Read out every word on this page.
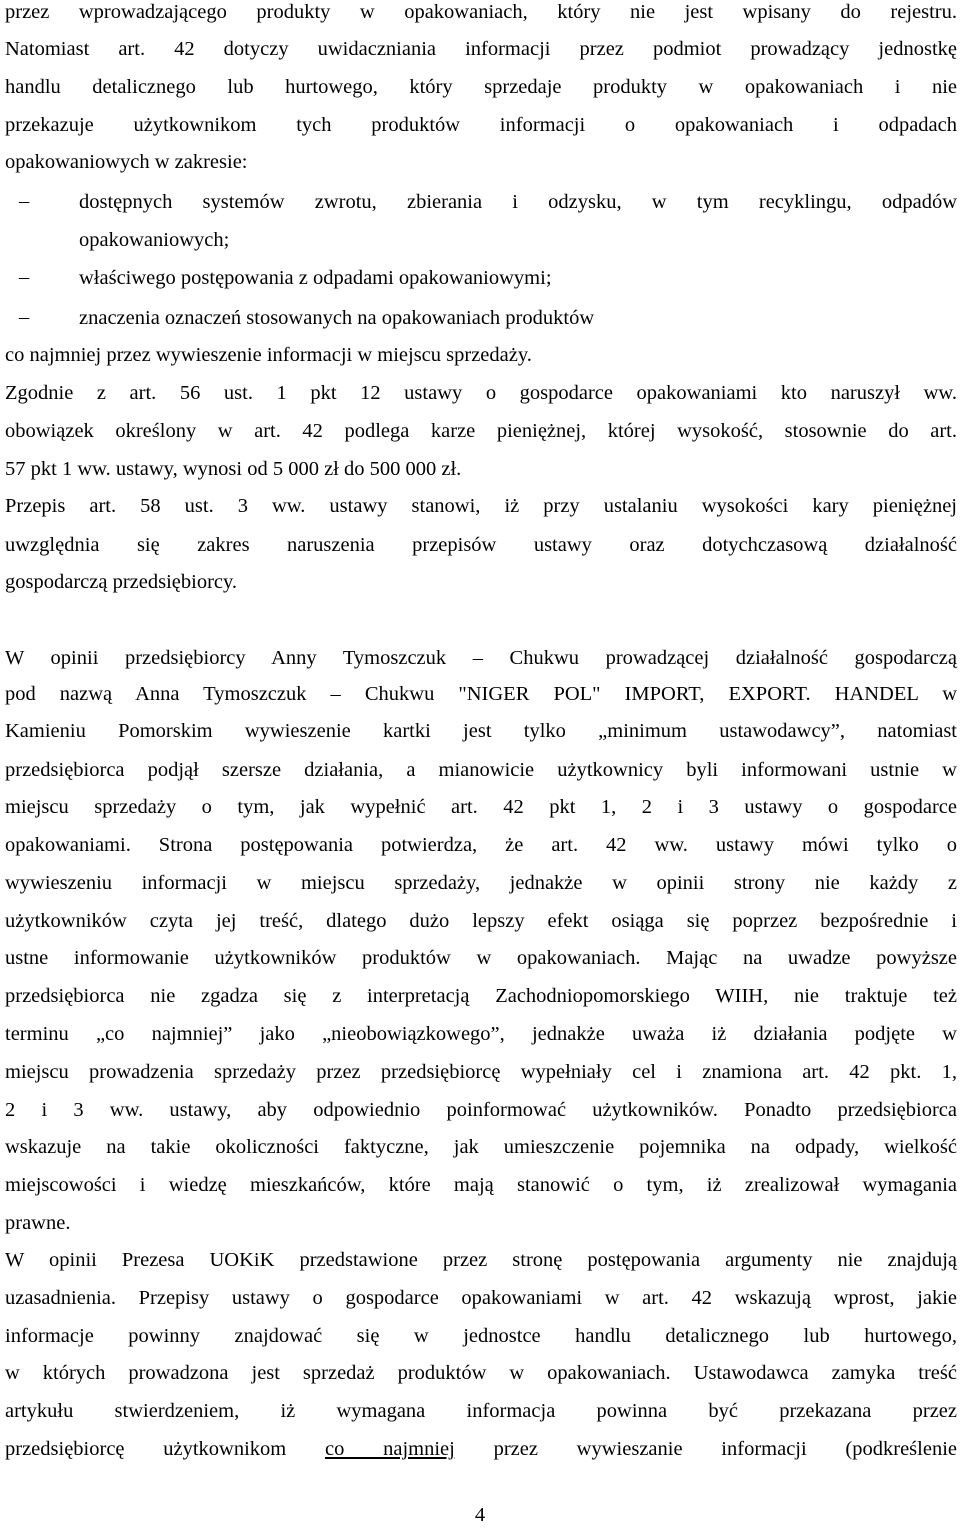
przez wprowadzającego produkty w opakowaniach, który nie jest wpisany do rejestru.
Natomiast art. 42 dotyczy uwidaczniania informacji przez podmiot prowadzący jednostkę
handlu detalicznego lub hurtowego, który sprzedaje produkty w opakowaniach i nie
przekazuje użytkownikom tych produktów informacji o opakowaniach i odpadach
opakowaniowych w zakresie:
–	dostępnych systemów zwrotu, zbierania i odzysku, w tym recyklingu, odpadów
opakowaniowych;
–	właściwego postępowania z odpadami opakowaniowymi;
–	znaczenia oznaczeń stosowanych na opakowaniach produktów
co najmniej przez wywieszenie informacji w miejscu sprzedaży.
Zgodnie z art. 56 ust. 1 pkt 12 ustawy o gospodarce opakowaniami kto naruszył ww.
obowiązek określony w art. 42 podlega karze pieniężnej, której wysokość, stosownie do art.
57 pkt 1 ww. ustawy, wynosi od 5 000 zł do 500 000 zł.
Przepis art. 58 ust. 3 ww. ustawy stanowi, iż przy ustalaniu wysokości kary pieniężnej
uwzględnia się zakres naruszenia przepisów ustawy oraz dotychczasową działalność
gospodarczą przedsiębiorcy.
W opinii przedsiębiorcy Anny Tymoszczuk – Chukwu prowadzącej działalność gospodarczą
pod nazwą Anna Tymoszczuk – Chukwu "NIGER POL" IMPORT, EXPORT. HANDEL w
Kamieniu Pomorskim wywieszenie kartki jest tylko „minimum ustawodawcy”, natomiast
przedsiębiorca podjął szersze działania, a mianowicie użytkownicy byli informowani ustnie w
miejscu sprzedaży o tym, jak wypełnić art. 42 pkt 1, 2 i 3 ustawy o gospodarce
opakowaniami. Strona postępowania potwierdza, że art. 42 ww. ustawy mówi tylko o
wywieszeniu informacji w miejscu sprzedaży, jednakże w opinii strony nie każdy z
użytkowników czyta jej treść, dlatego dużo lepszy efekt osiąga się poprzez bezpośrednie i
ustne informowanie użytkowników produktów w opakowaniach. Mając na uwadze powyższe
przedsiębiorca nie zgadza się z interpretacją Zachodniopomorskiego WIIH, nie traktuje też
terminu „co najmniej” jako „nieobowiązkowego”, jednakże uważa iż działania podjęte w
miejscu prowadzenia sprzedaży przez przedsiębiorcę wypełniały cel i znamiona art. 42 pkt. 1,
2 i 3 ww. ustawy, aby odpowiednio poinformować użytkowników. Ponadto przedsiębiorca
wskazuje na takie okoliczności faktyczne, jak umieszczenie pojemnika na odpady, wielkość
miejscowości i wiedzę mieszkańców, które mają stanowić o tym, iż zrealizował wymagania
prawne.
W opinii Prezesa UOKiK przedstawione przez stronę postępowania argumenty nie znajdują
uzasadnienia. Przepisy ustawy o gospodarce opakowaniami w art. 42 wskazują wprost, jakie
informacje powinny znajdować się w jednostce handlu detalicznego lub hurtowego,
w których prowadzona jest sprzedaż produktów w opakowaniach. Ustawodawca zamyka treść
artykułu stwierdzeniem, iż wymagana informacja powinna być przekazana przez
przedsiębiorcę użytkownikom co najmniej przez wywieszanie informacji (podkreślenie
4
